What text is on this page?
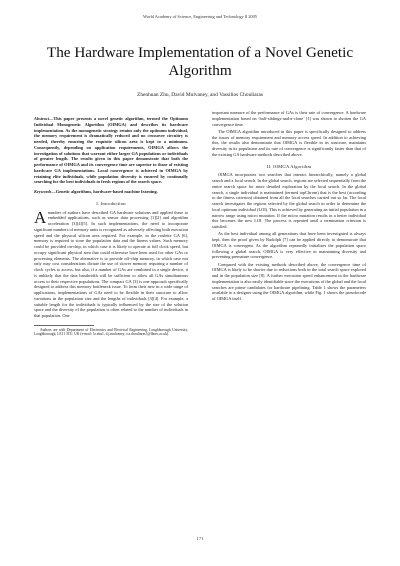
World Academy of Science, Engineering and Technology 8 2005
The Hardware Implementation of a Novel Genetic Algorithm
Zhenhuan Zhu, David Mulvaney, and Vassilios Chouliaras

Abstract—This paper presents a novel genetic algorithm, termed the Optimum Individual Monogenetic Algorithm (OIMGA) and describes its hardware implementation. As the monogenetic strategy retains only the optimum individual, the memory requirement is dramatically reduced and no crossover circuitry is needed, thereby ensuring the requisite silicon area is kept to a minimum. Consequently, depending on application requirements, OIMGA allows the investigation of solutions that warrant either larger GA populations or individuals of greater length. The results given in this paper demonstrate that both the performance of OIMGA and its convergence time are superior to those of existing hardware GA implementations. Local convergence is achieved in OIMGA by retaining elite individuals, while population diversity is ensured by continually searching for the best individuals in fresh regions of the search space.

Keywords—Genetic algorithms, hardware-based machine learning.

I. Introduction

A number of authors have described GA hardware solutions and applied these to embedded applications, such as sensor data processing [1][2] and algorithm acceleration [3][4][5]. In such implementations, the need to incorporate significant numbers of memory units is recognized as adversely affecting both execution speed and the physical silicon area required. For example, in the roulette GA [6], memory is required to store the population data and the fitness values. Such memory could be provided on-chip, in which case it is likely to operate at full clock speed, but occupy significant physical area that could otherwise have been used for other GAs or processing elements. The alternative is to provide off-chip memory, in which case not only may cost considerations dictate the use of slower memory requiring a number of clock cycles to access, but also, if a number of GAs are combined in a single device, it is unlikely that the data bandwidth will be sufficient to allow all GAs simultaneous access to their respective populations. The compact GA [3] is one approach specifically designed to address this memory bottleneck issue. To form their new in a wide range of applications, implementations of GAs need to be flexible in their structure to allow variations in the population size and the lengths of individuals [3][4]. For example, a suitable length for the individuals is typically influenced by the size of the solution space and the diversity of the population is often related to the number of individuals in that population. One

Authors are with Department of Electronics and Electrical Engineering, Loughborough University, Loughborough, LE11 3TU, UK (e-mail: {z.zhu1, d.j.mulvaney, v.a.chouliaras}@lboro.ac.uk).

important measure of the performance of GAs is their rate of convergence. A hardware implementation based on ‘half-siblings-and-a-clone’ [1] was shown to shorten the GA convergence time.

The OIMGA algorithm introduced in this paper is specifically designed to address the issues of memory requirement and memory access speed. In addition to achieving this, the results also demonstrate that OIMGA is flexible in its structure, maintains diversity in its population and its rate of convergence is significantly faster than that of the existing GA hardware methods described above.

II. OIMGA Algorithm

OIMGA incorporates two searches that interact hierarchically, namely a global search and a local search. In the global search, regions are selected sequentially from the entire search space for more detailed exploration by the local search. In the global search, a single individual is maintained (termed topChrom) that is the best (according to the fitness criterion) obtained from all the local searches carried out so far. The local search investigates the regions selected by the global search in order to determine the local optimum individual (LOI). This is achieved by generating an initial population in a narrow range using micro mutation. If the micro mutation results in a better individual this becomes the new LOI. The process is repeated until a termination criterion is satisfied.

As the best individual among all generations that have been investigated is always kept, then the proof given by Rudolph [7] can be applied directly to demonstrate that OIMGA is convergent. As the algorithm repeatedly initializes the population space following a global search, OIMGA is very effective in maintaining diversity and preventing premature convergence.

Compared with the existing methods described above, the convergence time of OIMGA is likely to be shorter due to reductions both in the total search space explored and in the population size [8]. A further execution speed enhancement in the hardware implementation is also easily identifiable since the executions of the global and the local searches are prime candidates for hardware pipelining. Table 1 shows the parameters available to a designer using the OIMGA algorithm, while Fig. 1 shows the pseudocode of OIMGA itself.

171
